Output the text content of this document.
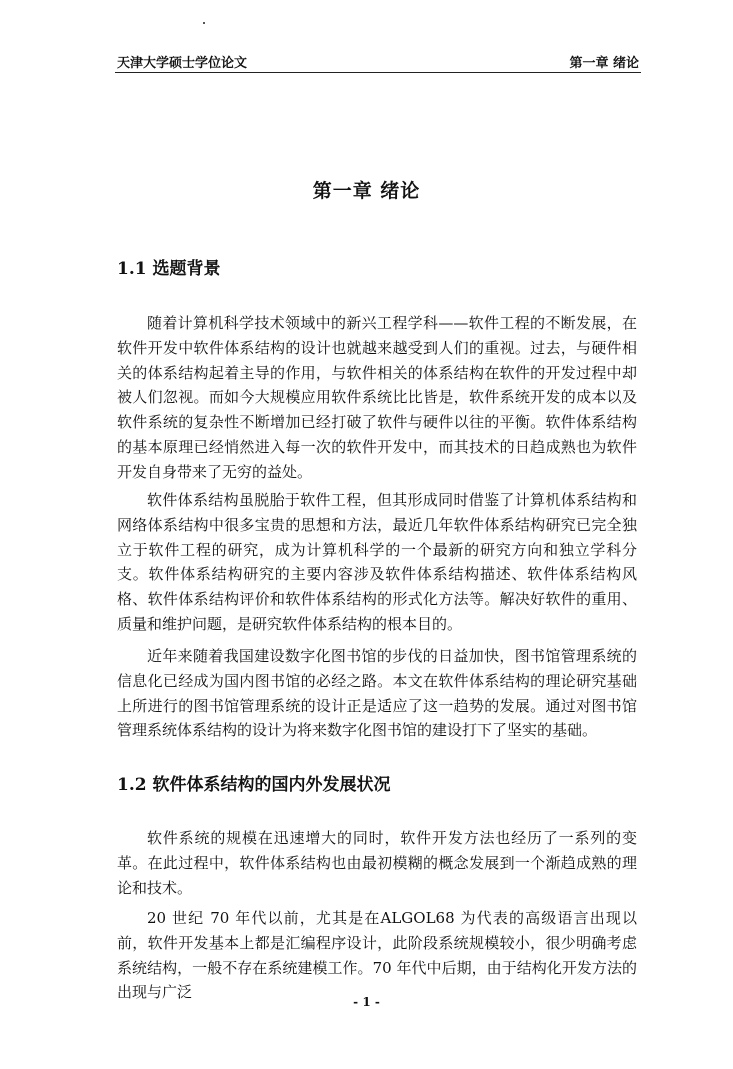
天津大学硕士学位论文	第一章 绪论
第一章 绪论
1.1 选题背景

随着计算机科学技术领域中的新兴工程学科——软件工程的不断发展，在软件开发中软件体系结构的设计也就越来越受到人们的重视。过去，与硬件相关的体系结构起着主导的作用，与软件相关的体系结构在软件的开发过程中却被人们忽视。而如今大规模应用软件系统比比皆是，软件系统开发的成本以及软件系统的复杂性不断增加已经打破了软件与硬件以往的平衡。软件体系结构的基本原理已经悄然进入每一次的软件开发中，而其技术的日趋成熟也为软件开发自身带来了无穷的益处。

软件体系结构虽脱胎于软件工程，但其形成同时借鉴了计算机体系结构和网络体系结构中很多宝贵的思想和方法，最近几年软件体系结构研究已完全独立于软件工程的研究，成为计算机科学的一个最新的研究方向和独立学科分支。软件体系结构研究的主要内容涉及软件体系结构描述、软件体系结构风格、软件体系结构评价和软件体系结构的形式化方法等。解决好软件的重用、质量和维护问题，是研究软件体系结构的根本目的。

近年来随着我国建设数字化图书馆的步伐的日益加快，图书馆管理系统的信息化已经成为国内图书馆的必经之路。本文在软件体系结构的理论研究基础上所进行的图书馆管理系统的设计正是适应了这一趋势的发展。通过对图书馆管理系统体系结构的设计为将来数字化图书馆的建设打下了坚实的基础。

1.2 软件体系结构的国内外发展状况

软件系统的规模在迅速增大的同时，软件开发方法也经历了一系列的变革。在此过程中，软件体系结构也由最初模糊的概念发展到一个渐趋成熟的理论和技术。

20 世纪 70 年代以前，尤其是在ALGOL68 为代表的高级语言出现以前，软件开发基本上都是汇编程序设计，此阶段系统规模较小，很少明确考虑系统结构，一般不存在系统建模工作。70 年代中后期，由于结构化开发方法的出现与广泛

- 1 -
